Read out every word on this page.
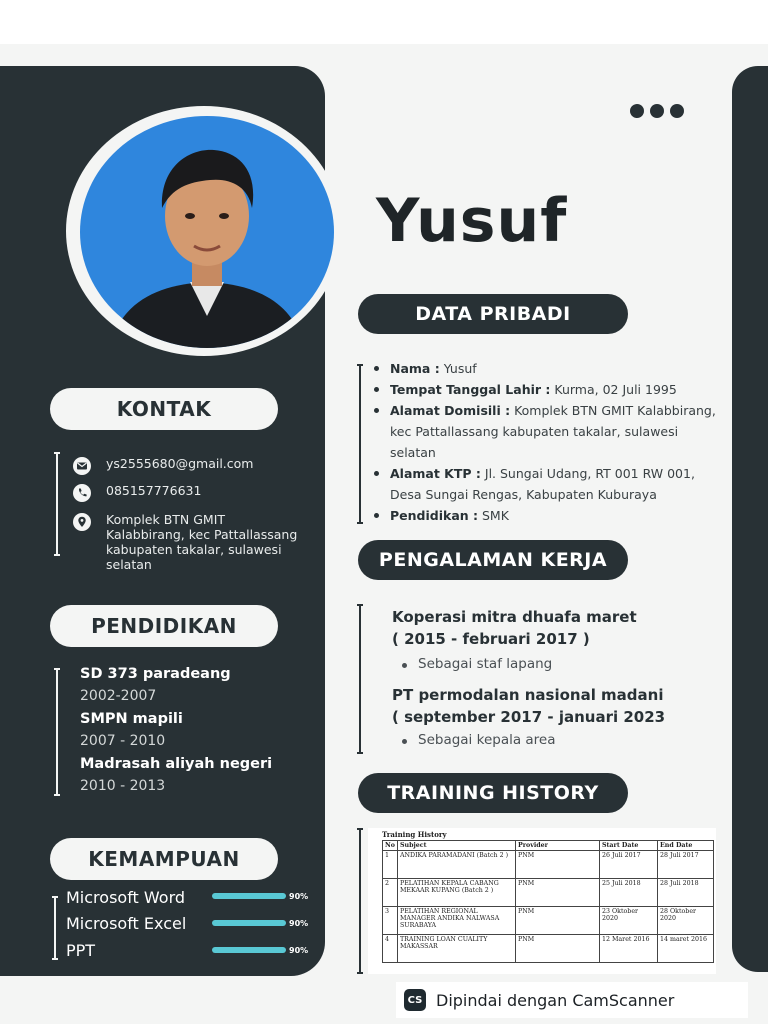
Yusuf
DATA PRIBADI
Nama : Yusuf
Tempat Tanggal Lahir : Kurma, 02 Juli 1995
Alamat Domisili : Komplek BTN GMIT Kalabbirang, kec Pattallassang kabupaten takalar, sulawesi selatan
Alamat KTP : Jl. Sungai Udang, RT 001 RW 001, Desa Sungai Rengas, Kabupaten Kuburaya
Pendidikan : SMK
PENGALAMAN KERJA
Koperasi mitra dhuafa maret
( 2015 - februari 2017 )
Sebagai staf lapang
PT permodalan nasional madani
( september 2017 - januari 2023
Sebagai kepala area
TRAINING HISTORY
Training History
No	Subject	Provider	Start Date	End Date
1	ANDIKA PARAMADANI (Batch 2 )	PNM	26 Juli 2017	28 Juli 2017
2	PELATIHAN KEPALA CABANG MEKAAR KUPANG (Batch 2 )	PNM	25 Juli 2018	28 Juli 2018
3	PELATIHAN REGIONAL MANAGER ANDIKA NALWASA SURABAYA	PNM	23 Oktober 2020	28 Oktober 2020
4	TRAINING LOAN CUALITY MAKASSAR	PNM	12 Maret 2016	14 maret 2016
KONTAK
ys2555680@gmail.com
085157776631
Komplek BTN GMIT Kalabbirang, kec Pattallassang kabupaten takalar, sulawesi selatan
PENDIDIKAN
SD 373 paradeang
2002-2007
SMPN mapili
2007 - 2010
Madrasah aliyah negeri
2010 - 2013
KEMAMPUAN
Microsoft Word	90%
Microsoft Excel	90%
PPT	90%
CS Dipindai dengan CamScanner
